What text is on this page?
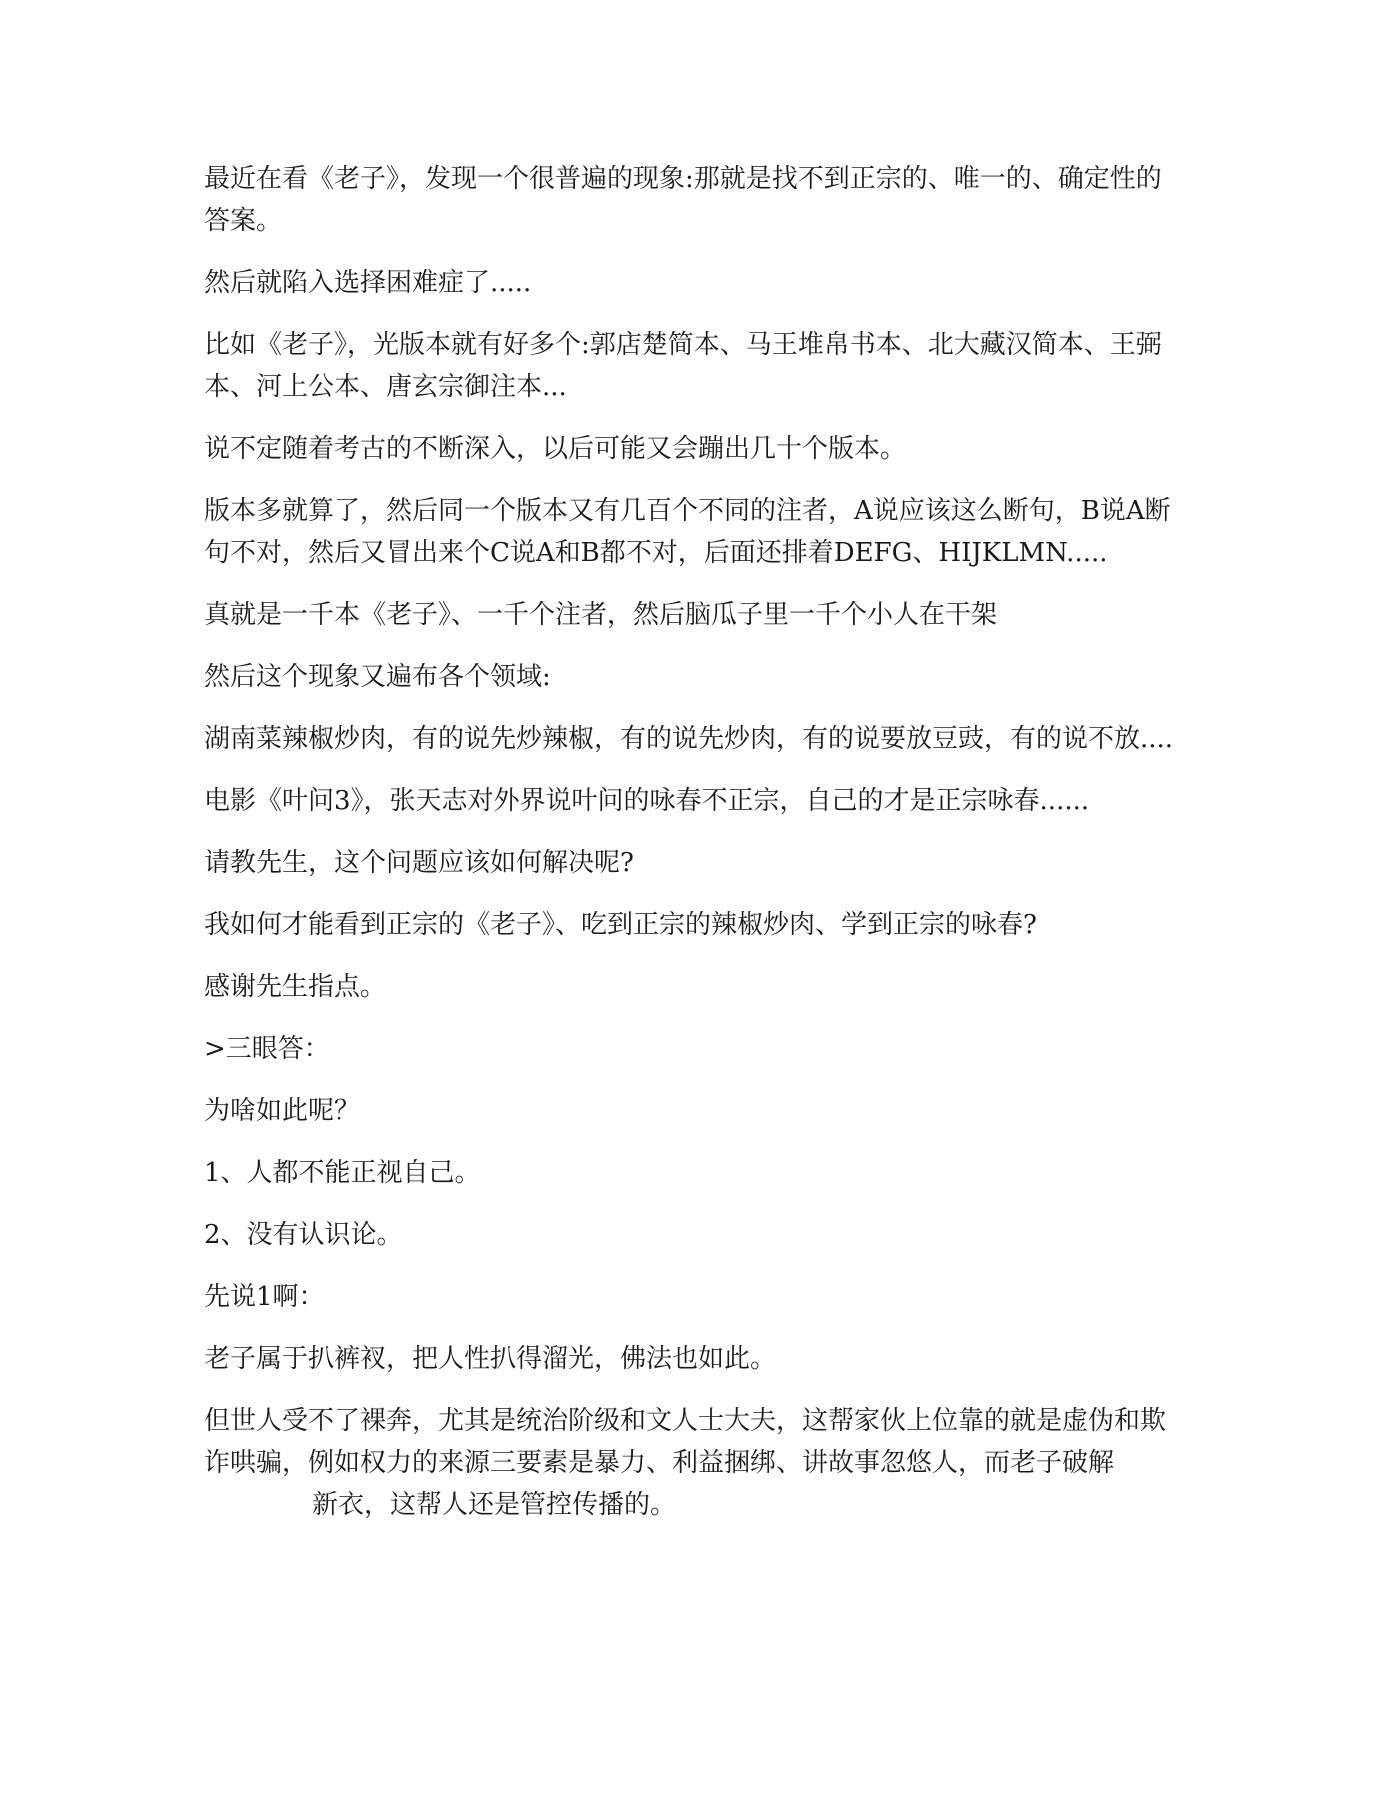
最近在看《老子》，发现一个很普遍的现象:那就是找不到正宗的、唯一的、确定性的答案。

然后就陷入选择困难症了.....

比如《老子》，光版本就有好多个:郭店楚简本、马王堆帛书本、北大藏汉简本、王弼本、河上公本、唐玄宗御注本...

说不定随着考古的不断深入，以后可能又会蹦出几十个版本。

版本多就算了，然后同一个版本又有几百个不同的注者，A说应该这么断句，B说A断句不对，然后又冒出来个C说A和B都不对，后面还排着DEFG、HIJKLMN.....

真就是一千本《老子》、一千个注者，然后脑瓜子里一千个小人在干架

然后这个现象又遍布各个领域:

湖南菜辣椒炒肉，有的说先炒辣椒，有的说先炒肉，有的说要放豆豉，有的说不放....

电影《叶问3》，张天志对外界说叶问的咏春不正宗，自己的才是正宗咏春......

请教先生，这个问题应该如何解决呢?

我如何才能看到正宗的《老子》、吃到正宗的辣椒炒肉、学到正宗的咏春?

感谢先生指点。

>三眼答：

为啥如此呢？

1、人都不能正视自己。

2、没有认识论。

先说1啊：

老子属于扒裤衩，把人性扒得溜光，佛法也如此。

但世人受不了裸奔，尤其是统治阶级和文人士大夫，这帮家伙上位靠的就是虚伪和欺诈哄骗，例如权力的来源三要素是暴力、利益捆绑、讲故事忽悠人，而老子破解
新衣，这帮人还是管控传播的。
